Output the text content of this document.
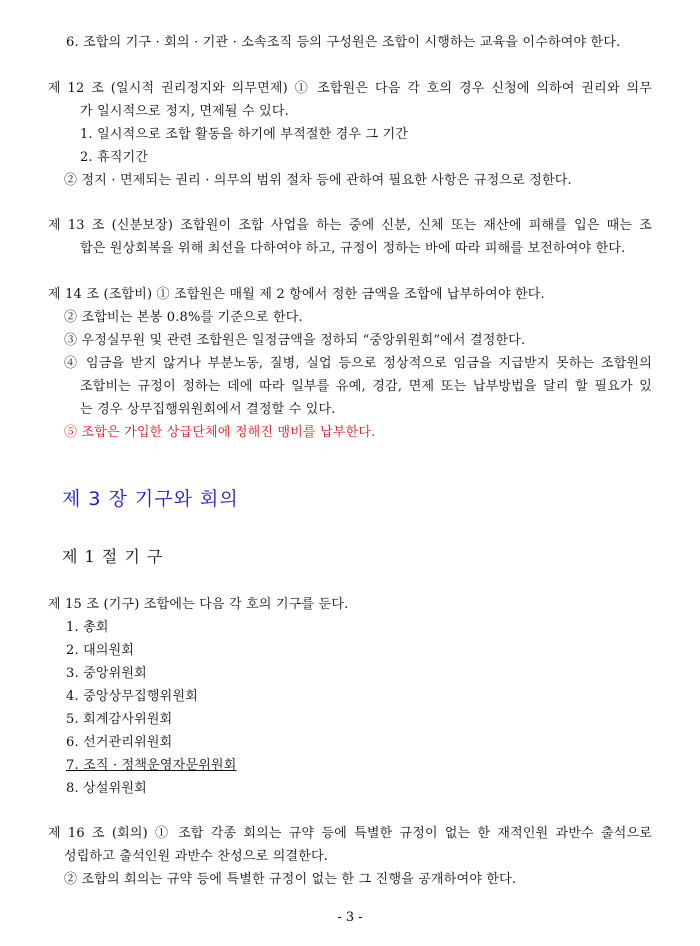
6. 조합의 기구 · 회의 · 기관 · 소속조직 등의 구성원은 조합이 시행하는 교육을 이수하여야 한다.
제 12 조 (일시적 권리정지와 의무면제) ① 조합원은 다음 각 호의 경우 신청에 의하여 권리와 의무
가 일시적으로 정지, 면제될 수 있다.
1. 일시적으로 조합 활동을 하기에 부적절한 경우 그 기간
2. 휴직기간
② 정지 · 면제되는 권리 · 의무의 범위 절차 등에 관하여 필요한 사항은 규정으로 정한다.
제 13 조 (신분보장) 조합원이 조합 사업을 하는 중에 신분, 신체 또는 재산에 피해를 입은 때는 조
합은 원상회복을 위해 최선을 다하여야 하고, 규정이 정하는 바에 따라 피해를 보전하여야 한다.
제 14 조 (조합비) ① 조합원은 매월 제 2 항에서 정한 금액을 조합에 납부하여야 한다.
② 조합비는 본봉 0.8%를 기준으로 한다.
③ 우정실무원 및 관련 조합원은 일정금액을 정하되 “중앙위원회”에서 결정한다.
④ 임금을 받지 않거나 부분노동, 질병, 실업 등으로 정상적으로 임금을 지급받지 못하는 조합원의
조합비는 규정이 정하는 데에 따라 일부를 유예, 경감, 면제 또는 납부방법을 달리 할 필요가 있
는 경우 상무집행위원회에서 결정할 수 있다.
⑤ 조합은 가입한 상급단체에 정해진 맹비를 납부한다.
제 3 장 기구와 회의
제 1 절 기 구
제 15 조 (기구) 조합에는 다음 각 호의 기구를 둔다.
1. 총회
2. 대의원회
3. 중앙위원회
4. 중앙상무집행위원회
5. 회계감사위원회
6. 선거관리위원회
7. 조직 · 정책운영자문위원회
8. 상설위원회
제 16 조 (회의) ① 조합 각종 회의는 규약 등에 특별한 규정이 없는 한 재적인원 과반수 출석으로
성립하고 출석인원 과반수 찬성으로 의결한다.
② 조합의 회의는 규약 등에 특별한 규정이 없는 한 그 진행을 공개하여야 한다.
- 3 -
